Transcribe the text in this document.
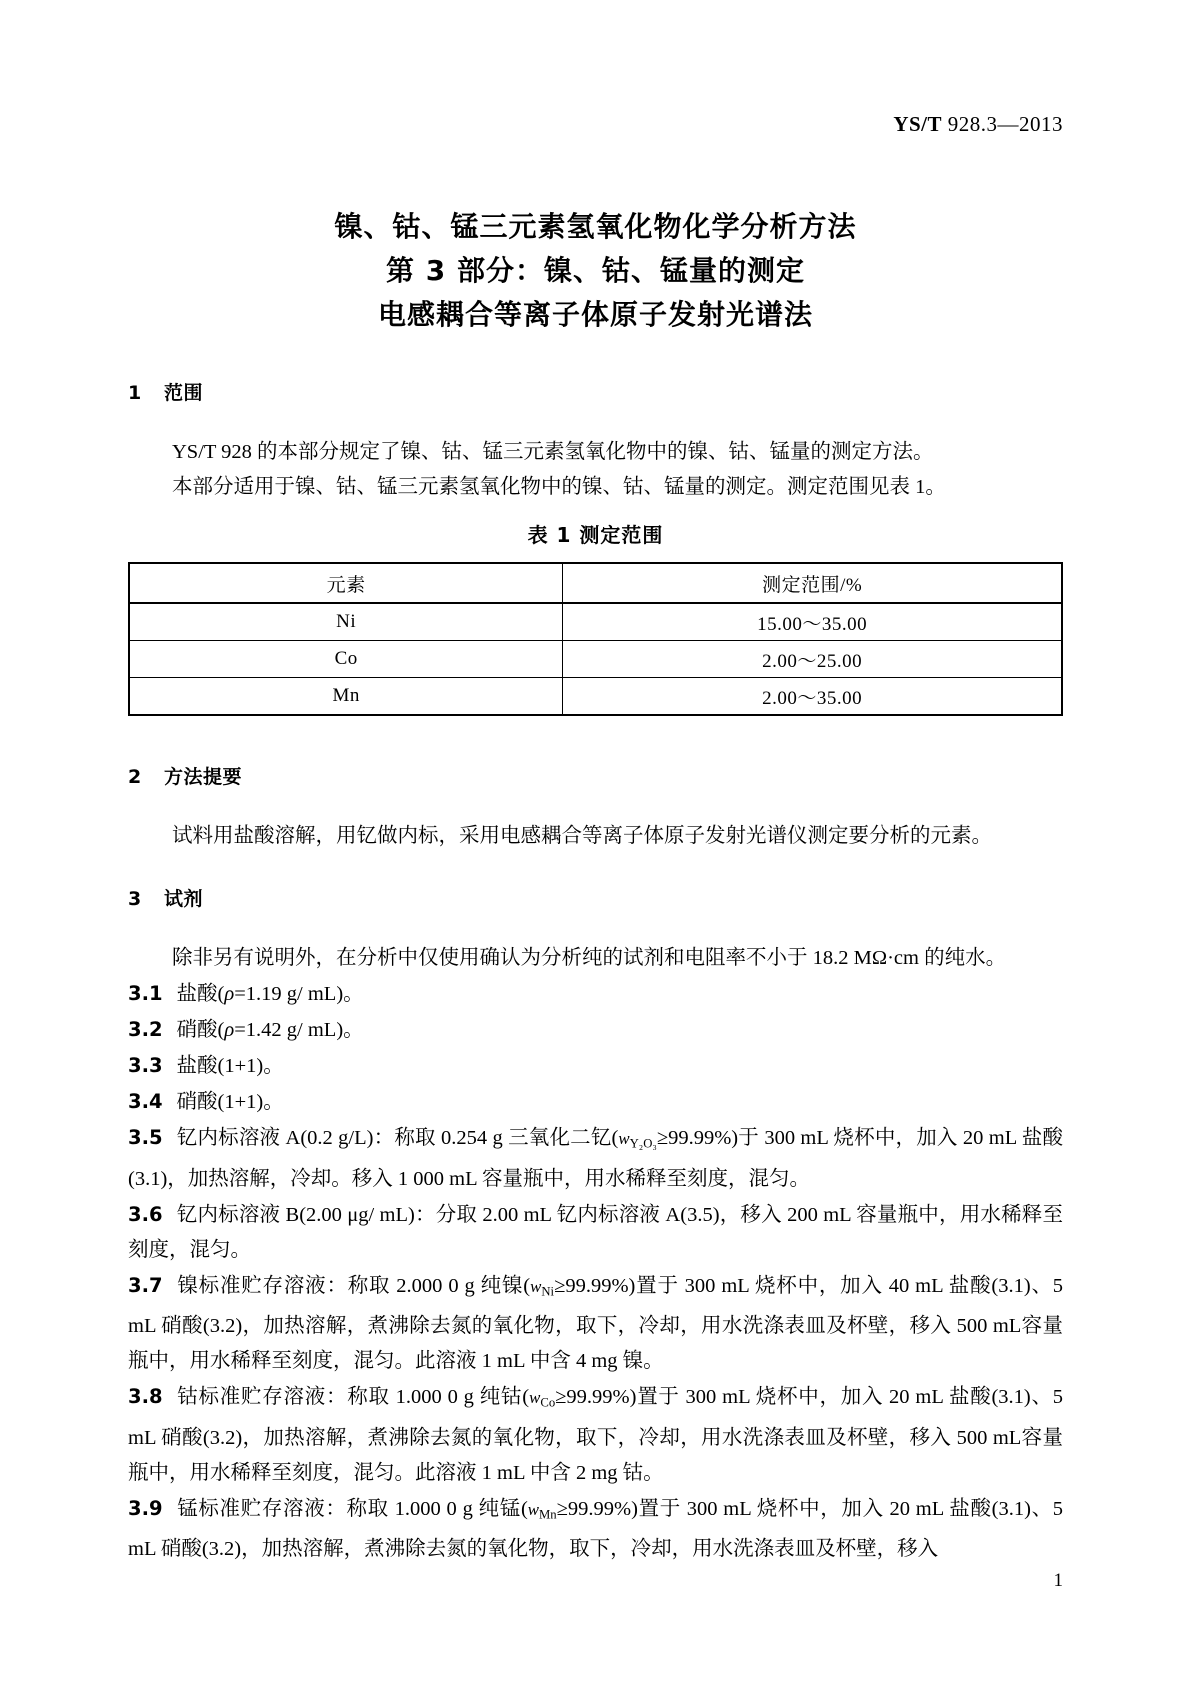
YS/T 928.3—2013
镍、钴、锰三元素氢氧化物化学分析方法
第 3 部分：镍、钴、锰量的测定
电感耦合等离子体原子发射光谱法

1 范围

YS/T 928 的本部分规定了镍、钴、锰三元素氢氧化物中的镍、钴、锰量的测定方法。

本部分适用于镍、钴、锰三元素氢氧化物中的镍、钴、锰量的测定。测定范围见表 1。

表 1 测定范围

元素	测定范围/%
Ni	15.00～35.00
Co	2.00～25.00
Mn	2.00～35.00

2 方法提要

试料用盐酸溶解，用钇做内标，采用电感耦合等离子体原子发射光谱仪测定要分析的元素。

3 试剂

除非另有说明外，在分析中仅使用确认为分析纯的试剂和电阻率不小于 18.2 MΩ·cm 的纯水。

3.1 盐酸(ρ=1.19 g/ mL)。

3.2 硝酸(ρ=1.42 g/ mL)。

3.3 盐酸(1+1)。

3.4 硝酸(1+1)。

3.5 钇内标溶液 A(0.2 g/L)：称取 0.254 g 三氧化二钇$(w_{Y_2O_3}\ge 99.99\%)$于 300 mL 烧杯中，加入 20 mL 盐酸(3.1)，加热溶解，冷却。移入 1 000 mL 容量瓶中，用水稀释至刻度，混匀。

3.6 钇内标溶液 B(2.00 μg/ mL)：分取 2.00 mL 钇内标溶液 A(3.5)，移入 200 mL 容量瓶中，用水稀释至刻度，混匀。

3.7 镍标准贮存溶液：称取 2.000 0 g 纯镍$(w_{Ni}\ge 99.99\%)$置于 300 mL 烧杯中，加入 40 mL 盐酸(3.1)、5 mL 硝酸(3.2)，加热溶解，煮沸除去氮的氧化物，取下，冷却，用水洗涤表皿及杯壁，移入 500 mL容量瓶中，用水稀释至刻度，混匀。此溶液 1 mL 中含 4 mg 镍。

3.8 钴标准贮存溶液：称取 1.000 0 g 纯钴$(w_{Co}\ge 99.99\%)$置于 300 mL 烧杯中，加入 20 mL 盐酸(3.1)、5 mL 硝酸(3.2)，加热溶解，煮沸除去氮的氧化物，取下，冷却，用水洗涤表皿及杯壁，移入 500 mL容量瓶中，用水稀释至刻度，混匀。此溶液 1 mL 中含 2 mg 钴。

3.9 锰标准贮存溶液：称取 1.000 0 g 纯锰$(w_{Mn}\ge 99.99\%)$置于 300 mL 烧杯中，加入 20 mL 盐酸(3.1)、5 mL 硝酸(3.2)，加热溶解，煮沸除去氮的氧化物，取下，冷却，用水洗涤表皿及杯壁，移入

1
